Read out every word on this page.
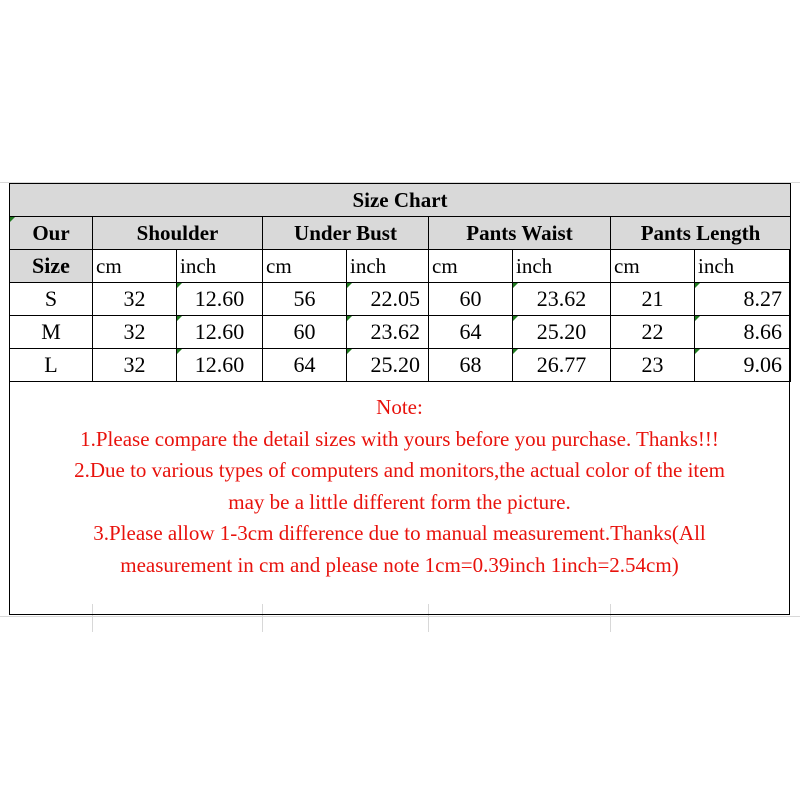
Size Chart								

Our	Shoulder		Under Bust		Pants Waist		Pants Length	
Size	cm	inch	cm	inch	cm	inch	cm	inch
S	32	12.60	56	22.05	60	23.62	21	8.27
M	32	12.60	60	23.62	64	25.20	22	8.66
L	32	12.60	64	25.20	68	26.77	23	9.06
Note:
1.Please compare the detail sizes with yours before you purchase. Thanks!!!
2.Due to various types of computers and monitors,the actual color of the item
may be a little different form the picture.
3.Please allow 1-3cm difference due to manual measurement.Thanks(All
measurement in cm and please note 1cm=0.39inch 1inch=2.54cm)
